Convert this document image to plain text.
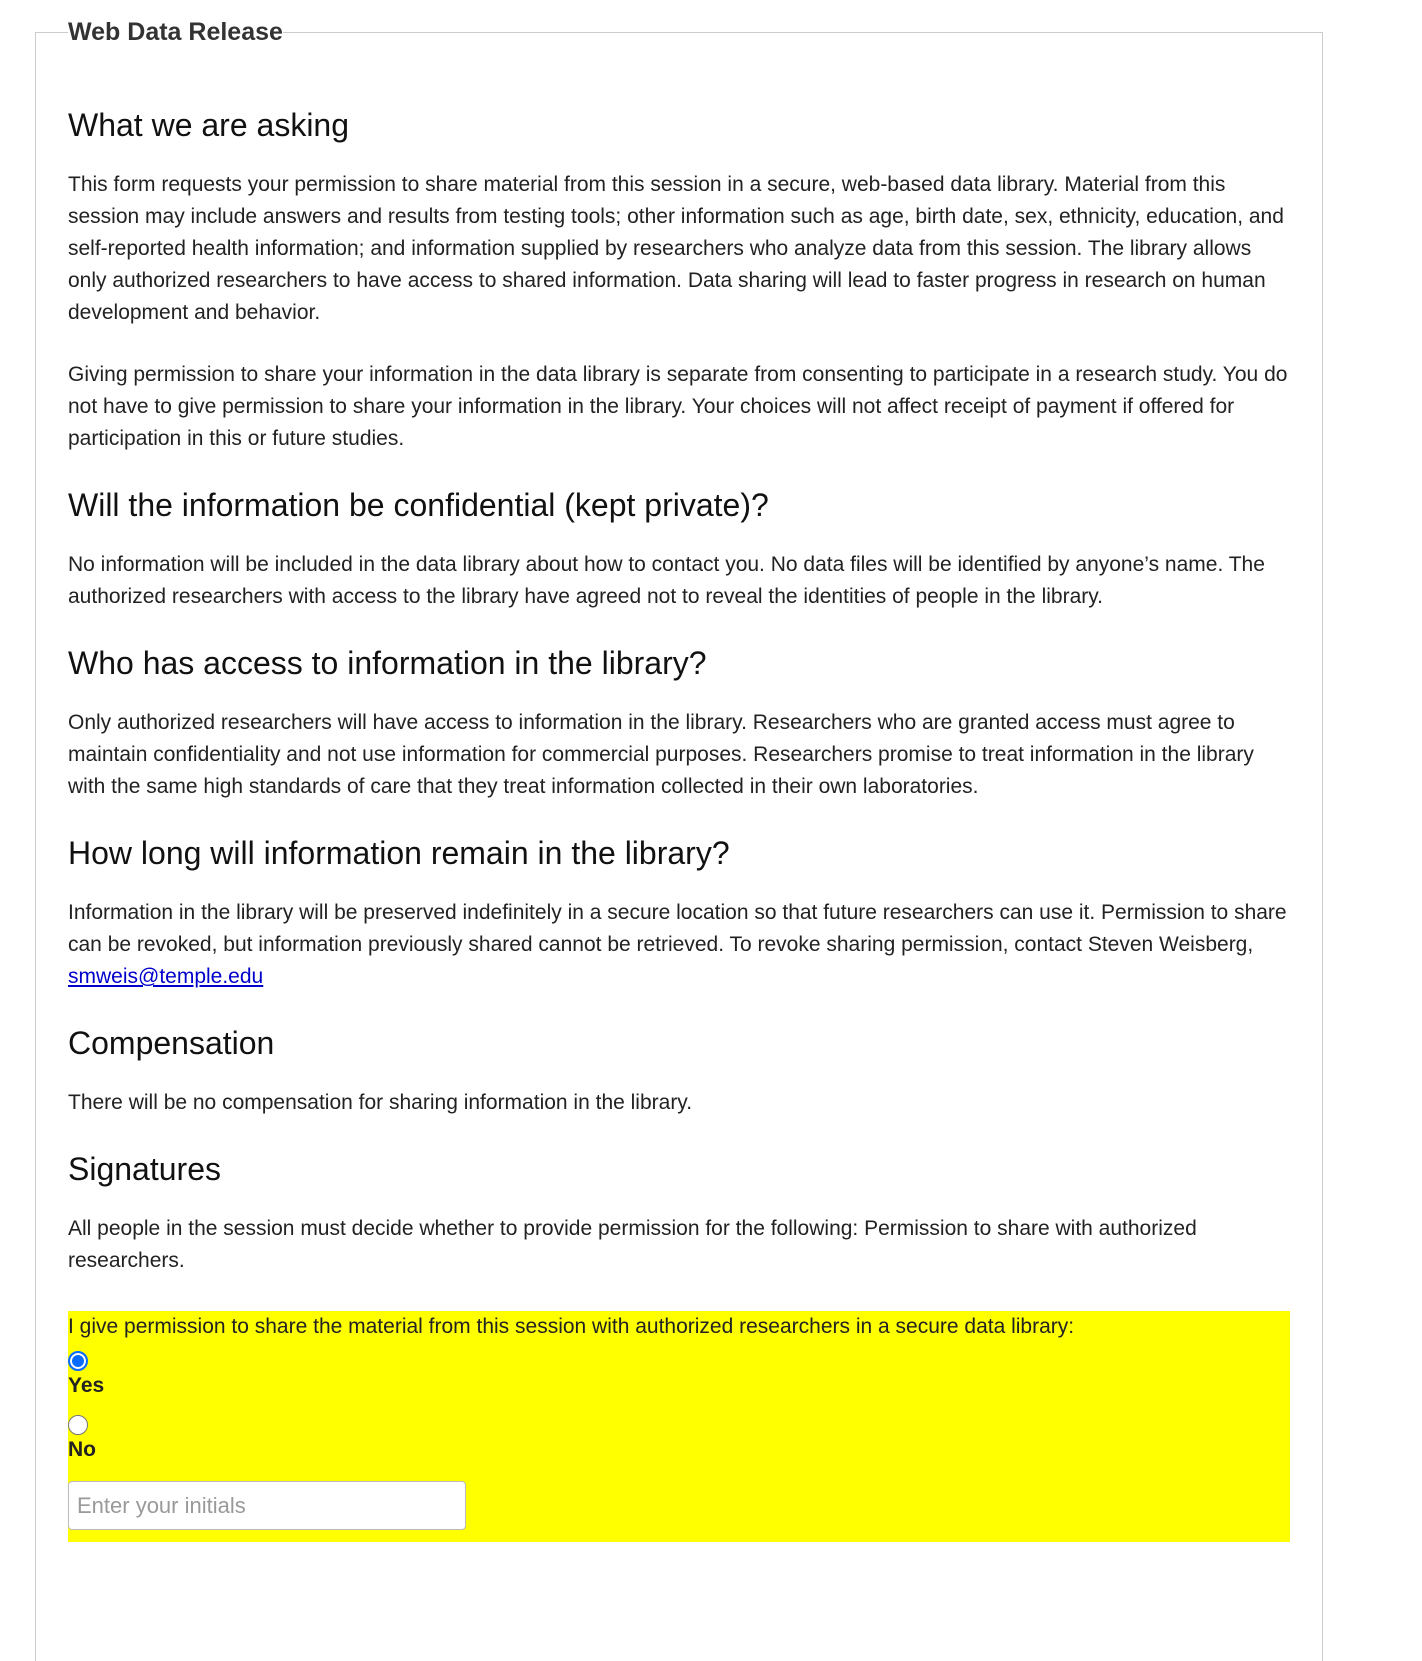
Web Data Release
What we are asking

This form requests your permission to share material from this session in a secure, web-based data library. Material from this session may include answers and results from testing tools; other information such as age, birth date, sex, ethnicity, education, and self-reported health information; and information supplied by researchers who analyze data from this session. The library allows only authorized researchers to have access to shared information. Data sharing will lead to faster progress in research on human development and behavior.

Giving permission to share your information in the data library is separate from consenting to participate in a research study. You do not have to give permission to share your information in the library. Your choices will not affect receipt of payment if offered for participation in this or future studies.

Will the information be confidential (kept private)?

No information will be included in the data library about how to contact you. No data files will be identified by anyone’s name. The authorized researchers with access to the library have agreed not to reveal the identities of people in the library.

Who has access to information in the library?

Only authorized researchers will have access to information in the library. Researchers who are granted access must agree to maintain confidentiality and not use information for commercial purposes. Researchers promise to treat information in the library with the same high standards of care that they treat information collected in their own laboratories.

How long will information remain in the library?

Information in the library will be preserved indefinitely in a secure location so that future researchers can use it. Permission to share can be revoked, but information previously shared cannot be retrieved. To revoke sharing permission, contact Steven Weisberg, smweis@temple.edu

Compensation

There will be no compensation for sharing information in the library.

Signatures

All people in the session must decide whether to provide permission for the following: Permission to share with authorized researchers.

I give permission to share the material from this session with authorized researchers in a secure data library:
Yes
No
Enter your initials
